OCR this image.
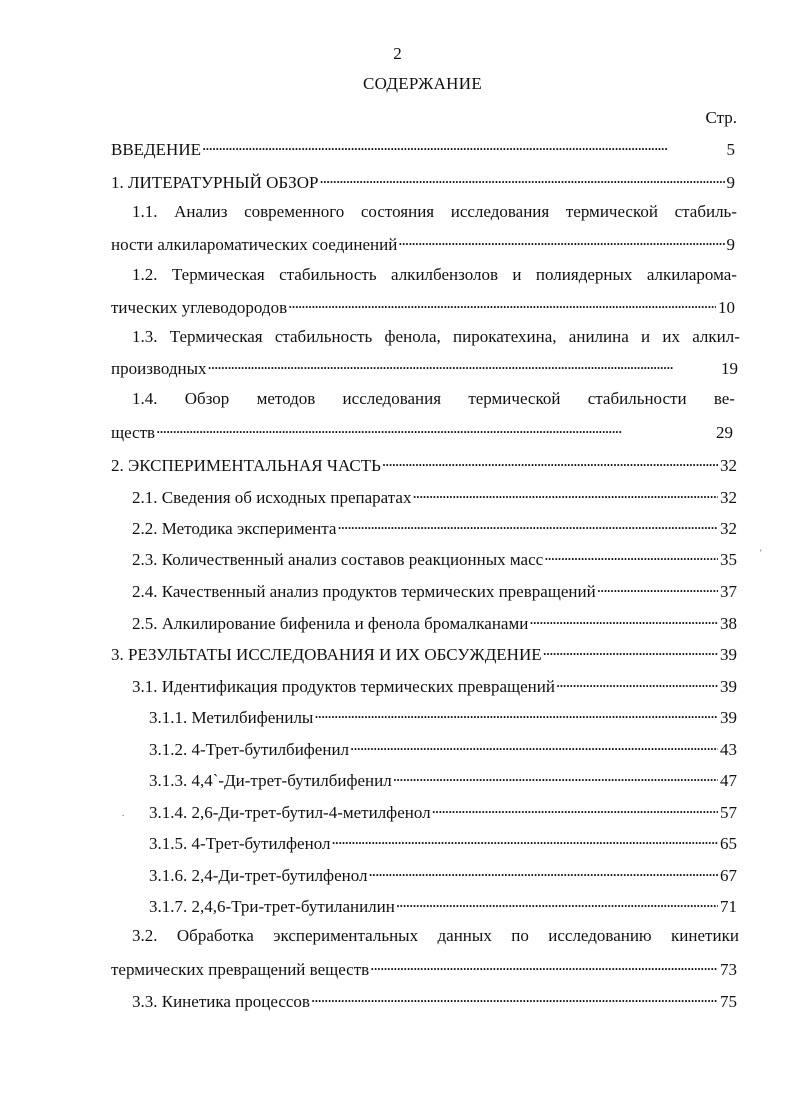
2
СОДЕРЖАНИЕ
Стр.
ВВЕДЕНИЕ . . .	5
1. ЛИТЕРАТУРНЫЙ ОБЗОР . . .	9
1.1. Анализ современного состояния исследования термической стабиль-
ности алкилароматических соединений . . .	9
1.2. Термическая стабильность алкилбензолов и полиядерных алкиларома-
тических углеводородов . . .	10
1.3. Термическая стабильность фенола, пирокатехина, анилина и их алкил-
производных . . .	19
1.4. Обзор методов исследования термической стабильности ве-
ществ . . .	29
2. ЭКСПЕРИМЕНТАЛЬНАЯ ЧАСТЬ . . .	32
2.1. Сведения об исходных препаратах . . .	32
2.2. Методика эксперимента . . .	32
2.3. Количественный анализ составов реакционных масс . . .	35
2.4. Качественный анализ продуктов термических превращений . . .	37
2.5. Алкилирование бифенила и фенола бромалканами . . .	38
3. РЕЗУЛЬТАТЫ ИССЛЕДОВАНИЯ И ИХ ОБСУЖДЕНИЕ . . .	39
3.1. Идентификация продуктов термических превращений . . .	39
3.1.1. Метилбифенилы . . .	39
3.1.2. 4-Трет-бутилбифенил . . .	43
3.1.3. 4,4`-Ди-трет-бутилбифенил . . .	47
3.1.4. 2,6-Ди-трет-бутил-4-метилфенол . . .	57
3.1.5. 4-Трет-бутилфенол . . .	65
3.1.6. 2,4-Ди-трет-бутилфенол . . .	67
3.1.7. 2,4,6-Три-трет-бутиланилин . . .	71
3.2. Обработка экспериментальных данных по исследованию кинетики
термических превращений веществ . . .	73
3.3. Кинетика процессов . . .	75
'
.
